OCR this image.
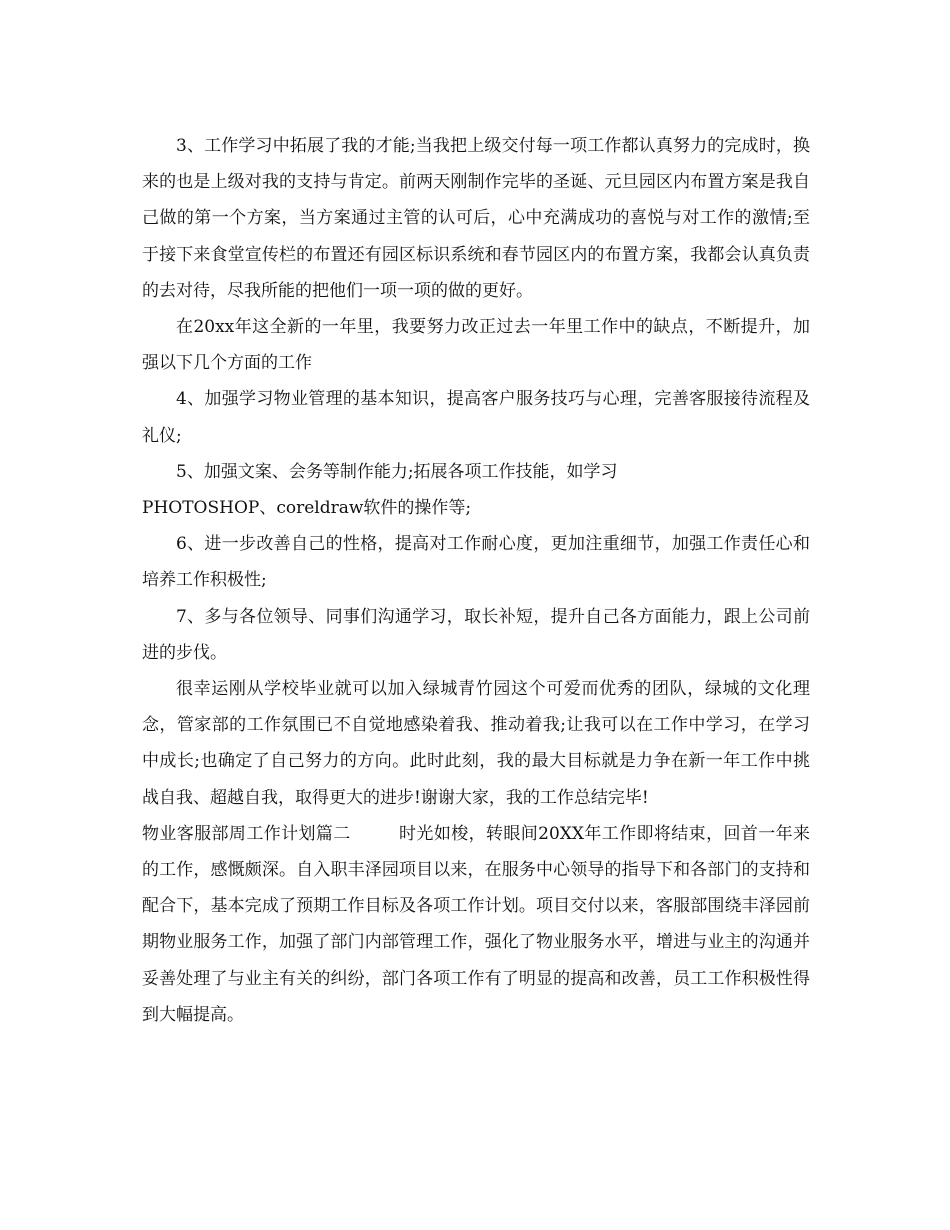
3、工作学习中拓展了我的才能;当我把上级交付每一项工作都认真努力的完成时，换来的也是上级对我的支持与肯定。前两天刚制作完毕的圣诞、元旦园区内布置方案是我自己做的第一个方案，当方案通过主管的认可后，心中充满成功的喜悦与对工作的激情;至于接下来食堂宣传栏的布置还有园区标识系统和春节园区内的布置方案，我都会认真负责的去对待，尽我所能的把他们一项一项的做的更好。

在20xx年这全新的一年里，我要努力改正过去一年里工作中的缺点，不断提升，加强以下几个方面的工作

4、加强学习物业管理的基本知识，提高客户服务技巧与心理，完善客服接待流程及礼仪;

5、加强文案、会务等制作能力;拓展各项工作技能，如学习
PHOTOSHOP、coreldraw软件的操作等;

6、进一步改善自己的性格，提高对工作耐心度，更加注重细节，加强工作责任心和培养工作积极性;

7、多与各位领导、同事们沟通学习，取长补短，提升自己各方面能力，跟上公司前进的步伐。

很幸运刚从学校毕业就可以加入绿城青竹园这个可爱而优秀的团队，绿城的文化理念，管家部的工作氛围已不自觉地感染着我、推动着我;让我可以在工作中学习，在学习中成长;也确定了自己努力的方向。此时此刻，我的最大目标就是力争在新一年工作中挑战自我、超越自我，取得更大的进步!谢谢大家，我的工作总结完毕!

物业客服部周工作计划篇二	时光如梭，转眼间20XX年工作即将结束，回首一年来的工作，感慨颇深。自入职丰泽园项目以来，在服务中心领导的指导下和各部门的支持和配合下，基本完成了预期工作目标及各项工作计划。项目交付以来，客服部围绕丰泽园前期物业服务工作，加强了部门内部管理工作，强化了物业服务水平，增进与业主的沟通并妥善处理了与业主有关的纠纷，部门各项工作有了明显的提高和改善，员工工作积极性得到大幅提高。
